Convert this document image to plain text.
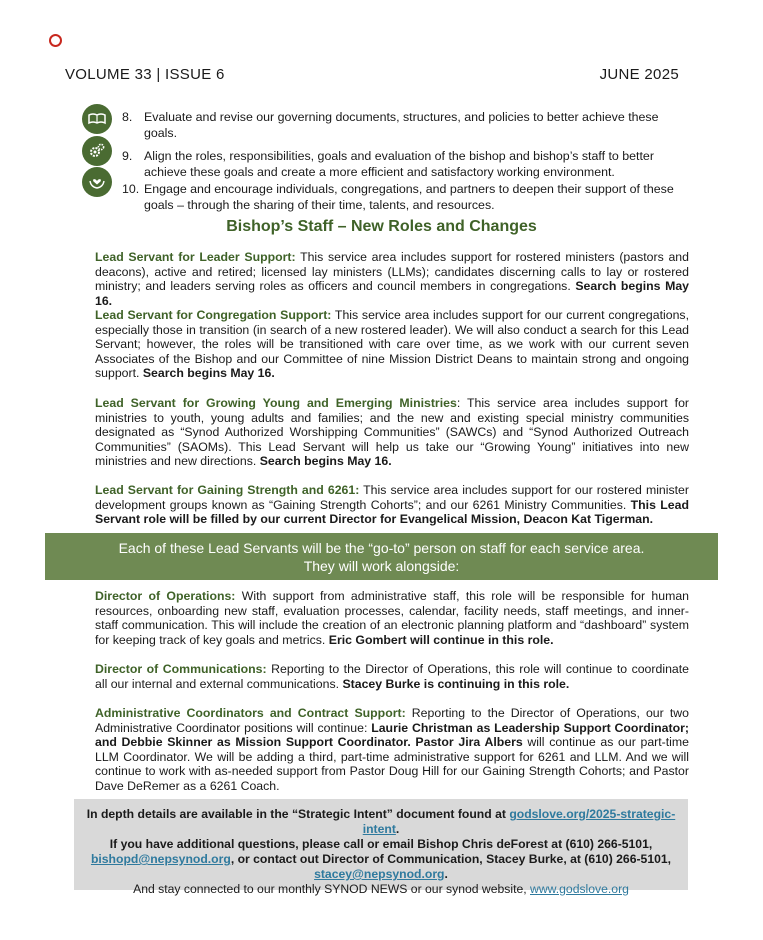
VOLUME 33 | ISSUE 6	JUNE 2025
8. Evaluate and revise our governing documents, structures, and policies to better achieve these goals.
9. Align the roles, responsibilities, goals and evaluation of the bishop and bishop’s staff to better achieve these goals and create a more efficient and satisfactory working environment.
10. Engage and encourage individuals, congregations, and partners to deepen their support of these goals – through the sharing of their time, talents, and resources.
Bishop’s Staff – New Roles and Changes
Lead Servant for Leader Support: This service area includes support for rostered ministers (pastors and deacons), active and retired; licensed lay ministers (LLMs); candidates discerning calls to lay or rostered ministry; and leaders serving roles as officers and council members in congregations. Search begins May 16.
Lead Servant for Congregation Support: This service area includes support for our current congregations, especially those in transition (in search of a new rostered leader). We will also conduct a search for this Lead Servant; however, the roles will be transitioned with care over time, as we work with our current seven Associates of the Bishop and our Committee of nine Mission District Deans to maintain strong and ongoing support. Search begins May 16.
Lead Servant for Growing Young and Emerging Ministries: This service area includes support for ministries to youth, young adults and families; and the new and existing special ministry communities designated as “Synod Authorized Worshipping Communities” (SAWCs) and “Synod Authorized Outreach Communities” (SAOMs). This Lead Servant will help us take our “Growing Young” initiatives into new ministries and new directions. Search begins May 16.
Lead Servant for Gaining Strength and 6261: This service area includes support for our rostered minister development groups known as “Gaining Strength Cohorts”; and our 6261 Ministry Communities. This Lead Servant role will be filled by our current Director for Evangelical Mission, Deacon Kat Tigerman.
Each of these Lead Servants will be the “go-to” person on staff for each service area.
They will work alongside:
Director of Operations: With support from administrative staff, this role will be responsible for human resources, onboarding new staff, evaluation processes, calendar, facility needs, staff meetings, and inner-staff communication. This will include the creation of an electronic planning platform and “dashboard” system for keeping track of key goals and metrics. Eric Gombert will continue in this role.
Director of Communications: Reporting to the Director of Operations, this role will continue to coordinate all our internal and external communications. Stacey Burke is continuing in this role.
Administrative Coordinators and Contract Support: Reporting to the Director of Operations, our two Administrative Coordinator positions will continue: Laurie Christman as Leadership Support Coordinator; and Debbie Skinner as Mission Support Coordinator. Pastor Jira Albers will continue as our part-time LLM Coordinator. We will be adding a third, part-time administrative support for 6261 and LLM. And we will continue to work with as-needed support from Pastor Doug Hill for our Gaining Strength Cohorts; and Pastor Dave DeRemer as a 6261 Coach.
In depth details are available in the “Strategic Intent” document found at godslove.org/2025-strategic-intent.
If you have additional questions, please call or email Bishop Chris deForest at (610) 266-5101,
bishopd@nepsynod.org, or contact out Director of Communication, Stacey Burke, at (610) 266-5101,
stacey@nepsynod.org.
And stay connected to our monthly SYNOD NEWS or our synod website, www.godslove.org
